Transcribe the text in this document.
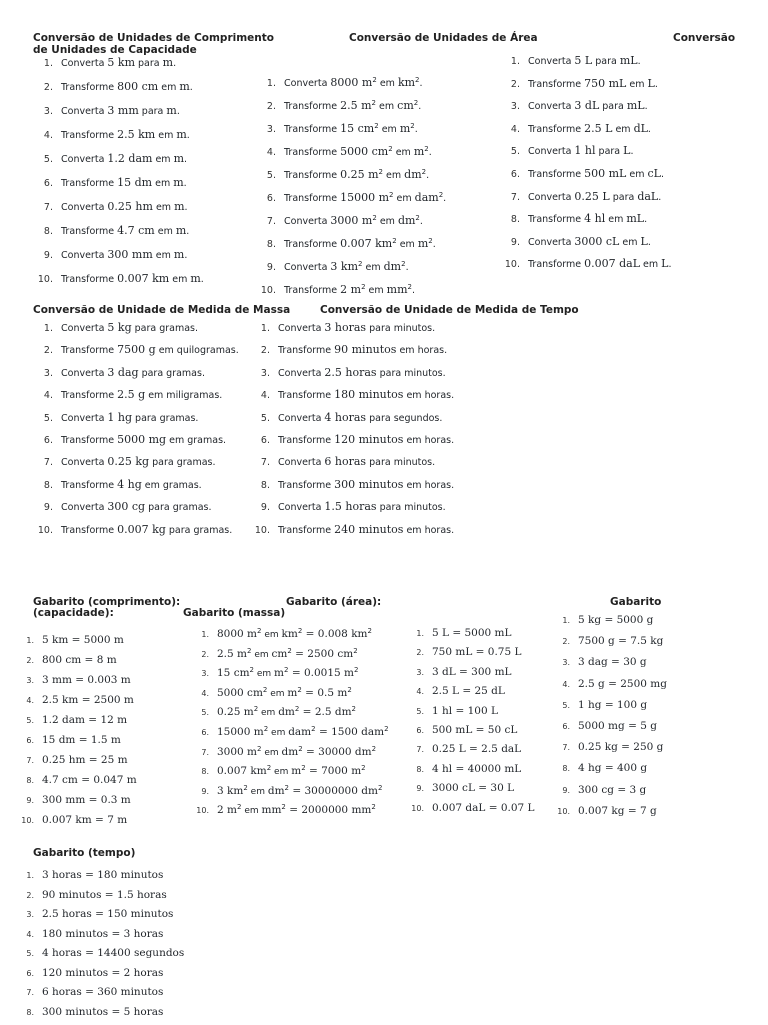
Conversão de Unidades de Comprimento
de Unidades de Capacidade
Conversão de Unidades de Área	Conversão
1. Converta 5 km para m.
2. Transforme 800 cm em m.
3. Converta 3 mm para m.
4. Transforme 2.5 km em m.
5. Converta 1.2 dam em m.
6. Transforme 15 dm em m.
7. Converta 0.25 hm em m.
8. Transforme 4.7 cm em m.
9. Converta 300 mm em m.
10. Transforme 0.007 km em m.
1. Converta 8000 $m^2$ em $km^2$.
2. Transforme 2.5 $m^2$ em $cm^2$.
3. Transforme 15 $cm^2$ em $m^2$.
4. Transforme 5000 $cm^2$ em $m^2$.
5. Transforme 0.25 $m^2$ em $dm^2$.
6. Transforme 15000 $m^2$ em dam$^2$.
7. Converta 3000 $m^2$ em $dm^2$.
8. Transforme 0.007 $km^2$ em $m^2$.
9. Converta 3 $km^2$ em $dm^2$.
10. Transforme 2 $m^2$ em $mm^2$.
1. Converta 5 L para mL.
2. Transforme 750 mL em L.
3. Converta 3 dL para mL.
4. Transforme 2.5 L em dL.
5. Converta 1 hl para L.
6. Transforme 500 mL em cL.
7. Converta 0.25 L para daL.
8. Transforme 4 hl em mL.
9. Converta 3000 cL em L.
10. Transforme 0.007 daL em L.
Conversão de Unidade de Medida de Massa	Conversão de Unidade de Medida de Tempo
1. Converta 5 kg para gramas.
2. Transforme 7500 g em quilogramas.
3. Converta 3 dag para gramas.
4. Transforme 2.5 g em miligramas.
5. Converta 1 hg para gramas.
6. Transforme 5000 mg em gramas.
7. Converta 0.25 kg para gramas.
8. Transforme 4 hg em gramas.
9. Converta 300 cg para gramas.
10. Transforme 0.007 kg para gramas.
1. Converta 3 horas para minutos.
2. Transforme 90 minutos em horas.
3. Converta 2.5 horas para minutos.
4. Transforme 180 minutos em horas.
5. Converta 4 horas para segundos.
6. Transforme 120 minutos em horas.
7. Converta 6 horas para minutos.
8. Transforme 300 minutos em horas.
9. Converta 1.5 horas para minutos.
10. Transforme 240 minutos em horas.
Gabarito (comprimento):
(capacidade):
Gabarito (área):
Gabarito (massa)
Gabarito
1. 5 km = 5000 m
2. 800 cm = 8 m
3. 3 mm = 0.003 m
4. 2.5 km = 2500 m
5. 1.2 dam = 12 m
6. 15 dm = 1.5 m
7. 0.25 hm = 25 m
8. 4.7 cm = 0.047 m
9. 300 mm = 0.3 m
10. 0.007 km = 7 m
1. 8000 $m^2$ em $km^2 = 0.008$ $km^2$
2. 2.5 $m^2$ em $cm^2 = 2500$ $cm^2$
3. 15 $cm^2$ em $m^2 = 0.0015$ $m^2$
4. 5000 $cm^2$ em $m^2 = 0.5$ $m^2$
5. 0.25 $m^2$ em $dm^2 = 2.5$ $dm^2$
6. 15000 $m^2$ em dam$^2$ = 1500 dam$^2$
7. 3000 $m^2$ em $dm^2 = 30000$ $dm^2$
8. 0.007 $km^2$ em $m^2 = 7000$ $m^2$
9. 3 $km^2$ em $dm^2 = 30000000$ $dm^2$
10. 2 $m^2$ em $mm^2 = 2000000$ $mm^2$
1. 5 L = 5000 mL
2. 750 mL = 0.75 L
3. 3 dL = 300 mL
4. 2.5 L = 25 dL
5. 1 hl = 100 L
6. 500 mL = 50 cL
7. 0.25 L = 2.5 daL
8. 4 hl = 40000 mL
9. 3000 cL = 30 L
10. 0.007 daL = 0.07 L
1. 5 kg = 5000 g
2. 7500 g = 7.5 kg
3. 3 dag = 30 g
4. 2.5 g = 2500 mg
5. 1 hg = 100 g
6. 5000 mg = 5 g
7. 0.25 kg = 250 g
8. 4 hg = 400 g
9. 300 cg = 3 g
10. 0.007 kg = 7 g
Gabarito (tempo)
1. 3 horas = 180 minutos
2. 90 minutos = 1.5 horas
3. 2.5 horas = 150 minutos
4. 180 minutos = 3 horas
5. 4 horas = 14400 segundos
6. 120 minutos = 2 horas
7. 6 horas = 360 minutos
8. 300 minutos = 5 horas
